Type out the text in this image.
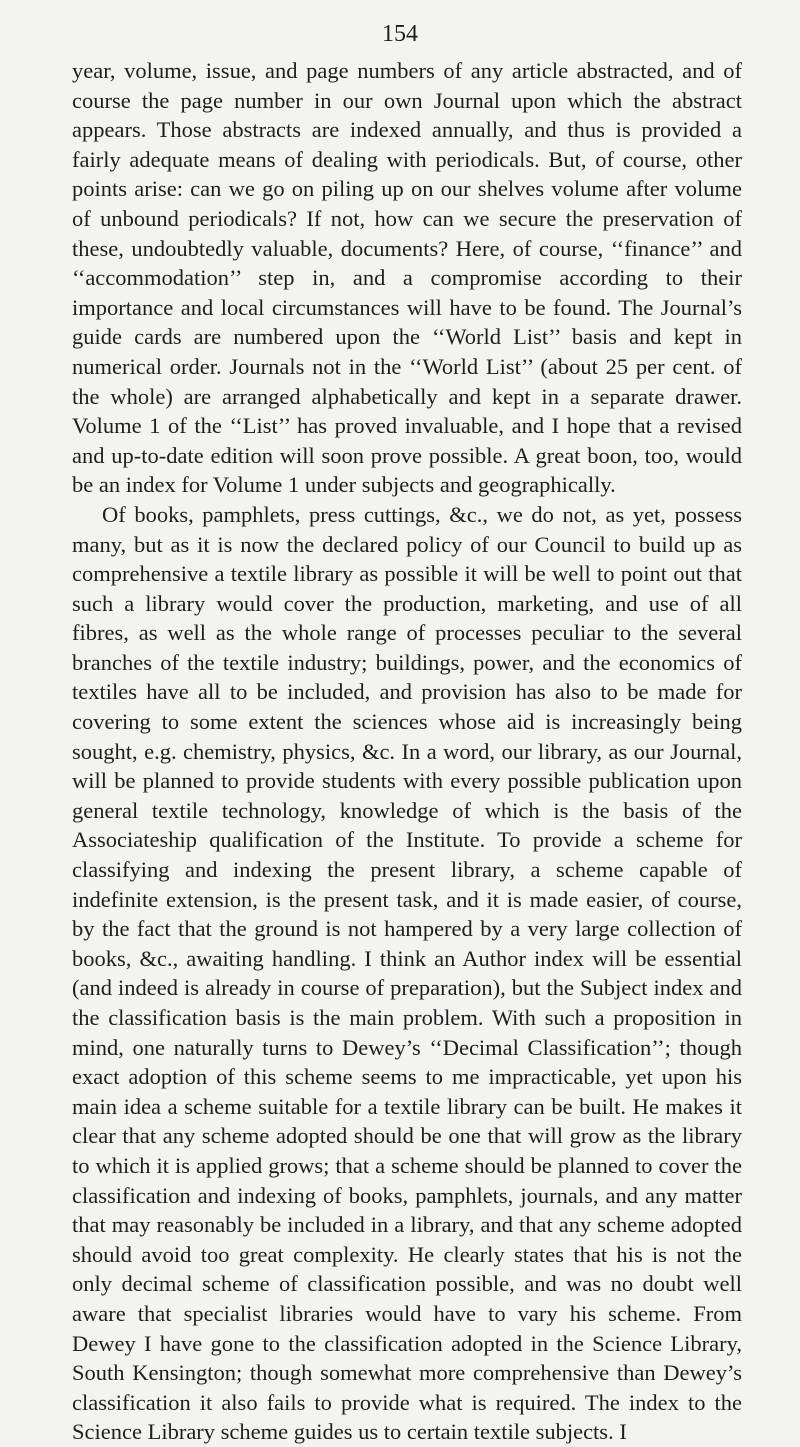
154

year, volume, issue, and page numbers of any article abstracted, and of course the page number in our own Journal upon which the abstract appears. Those abstracts are indexed annually, and thus is provided a fairly adequate means of dealing with periodicals. But, of course, other points arise: can we go on piling up on our shelves volume after volume of unbound periodicals? If not, how can we secure the preservation of these, undoubtedly valuable, documents? Here, of course, ‘‘finance’’ and ‘‘accommodation’’ step in, and a compromise according to their importance and local circumstances will have to be found. The Journal’s guide cards are numbered upon the ‘‘World List’’ basis and kept in numerical order. Journals not in the ‘‘World List’’ (about 25 per cent. of the whole) are arranged alphabetically and kept in a separate drawer. Volume 1 of the ‘‘List’’ has proved invaluable, and I hope that a revised and up-to-date edition will soon prove possible. A great boon, too, would be an index for Volume 1 under subjects and geographically.

Of books, pamphlets, press cuttings, &c., we do not, as yet, possess many, but as it is now the declared policy of our Council to build up as comprehensive a textile library as possible it will be well to point out that such a library would cover the production, marketing, and use of all fibres, as well as the whole range of processes peculiar to the several branches of the textile industry; buildings, power, and the economics of textiles have all to be included, and provision has also to be made for covering to some extent the sciences whose aid is increasingly being sought, e.g. chemistry, physics, &c. In a word, our library, as our Journal, will be planned to provide students with every possible publication upon general textile technology, knowledge of which is the basis of the Associateship qualification of the Institute. To provide a scheme for classifying and indexing the present library, a scheme capable of indefinite extension, is the present task, and it is made easier, of course, by the fact that the ground is not hampered by a very large collection of books, &c., awaiting handling. I think an Author index will be essential (and indeed is already in course of preparation), but the Subject index and the classification basis is the main problem. With such a proposition in mind, one naturally turns to Dewey’s ‘‘Decimal Classification’’; though exact adoption of this scheme seems to me impracticable, yet upon his main idea a scheme suitable for a textile library can be built. He makes it clear that any scheme adopted should be one that will grow as the library to which it is applied grows; that a scheme should be planned to cover the classification and indexing of books, pamphlets, journals, and any matter that may reasonably be included in a library, and that any scheme adopted should avoid too great complexity. He clearly states that his is not the only decimal scheme of classification possible, and was no doubt well aware that specialist libraries would have to vary his scheme. From Dewey I have gone to the classification adopted in the Science Library, South Kensington; though somewhat more comprehensive than Dewey’s classification it also fails to provide what is required. The index to the Science Library scheme guides us to certain textile subjects. I
